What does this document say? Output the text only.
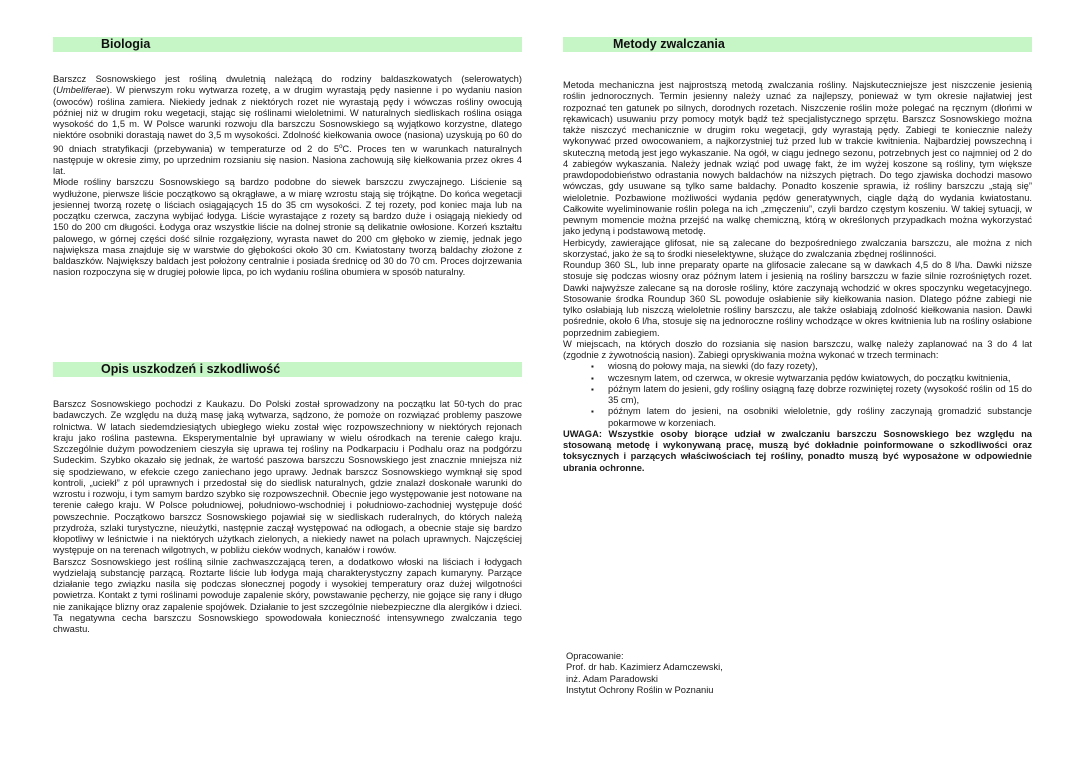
Biologia

Barszcz Sosnowskiego jest rośliną dwuletnią należącą do rodziny baldaszkowatych (selerowatych) (Umbeliferae). W pierwszym roku wytwarza rozetę, a w drugim wyrastają pędy nasienne i po wydaniu nasion (owoców) roślina zamiera. Niekiedy jednak z niektórych rozet nie wyrastają pędy i wówczas rośliny owocują później niż w drugim roku wegetacji, stając się roślinami wieloletnimi. W naturalnych siedliskach roślina osiąga wysokość do 1,5 m. W Polsce warunki rozwoju dla barszczu Sosnowskiego są wyjątkowo korzystne, dlatego niektóre osobniki dorastają nawet do 3,5 m wysokości. Zdolność kiełkowania owoce (nasiona) uzyskują po 60 do 90 dniach stratyfikacji (przebywania) w temperaturze od 2 do 5$^o$C. Proces ten w warunkach naturalnych następuje w okresie zimy, po uprzednim rozsianiu się nasion. Nasiona zachowują siłę kiełkowania przez okres 4 lat.

Młode rośliny barszczu Sosnowskiego są bardzo podobne do siewek barszczu zwyczajnego. Liścienie są wydłużone, pierwsze liście początkowo są okrągławe, a w miarę wzrostu stają się trójkątne. Do końca wegetacji jesiennej tworzą rozetę o liściach osiągających 15 do 35 cm wysokości. Z tej rozety, pod koniec maja lub na początku czerwca, zaczyna wybijać łodyga. Liście wyrastające z rozety są bardzo duże i osiągają niekiedy od 150 do 200 cm długości. Łodyga oraz wszystkie liście na dolnej stronie są delikatnie owłosione. Korzeń kształtu palowego, w górnej części dość silnie rozgałęziony, wyrasta nawet do 200 cm głęboko w ziemię, jednak jego największa masa znajduje się w warstwie do głębokości około 30 cm. Kwiatostany tworzą baldachy złożone z baldaszków. Największy baldach jest położony centralnie i posiada średnicę od 30 do 70 cm. Proces dojrzewania nasion rozpoczyna się w drugiej połowie lipca, po ich wydaniu roślina obumiera w sposób naturalny.

Opis uszkodzeń i szkodliwość

Barszcz Sosnowskiego pochodzi z Kaukazu. Do Polski został sprowadzony na początku lat 50-tych do prac badawczych. Ze względu na dużą masę jaką wytwarza, sądzono, że pomoże on rozwiązać problemy paszowe rolnictwa. W latach siedemdziesiątych ubiegłego wieku został więc rozpowszechniony w niektórych rejonach kraju jako roślina pastewna. Eksperymentalnie był uprawiany w wielu ośrodkach na terenie całego kraju. Szczególnie dużym powodzeniem cieszyła się uprawa tej rośliny na Podkarpaciu i Podhalu oraz na podgórzu Sudeckim. Szybko okazało się jednak, że wartość paszowa barszczu Sosnowskiego jest znacznie mniejsza niż się spodziewano, w efekcie czego zaniechano jego uprawy. Jednak barszcz Sosnowskiego wymknął się spod kontroli, „uciekł” z pól uprawnych i przedostał się do siedlisk naturalnych, gdzie znalazł doskonałe warunki do wzrostu i rozwoju, i tym samym bardzo szybko się rozpowszechnił. Obecnie jego występowanie jest notowane na terenie całego kraju. W Polsce południowej, południowo-wschodniej i południowo-zachodniej występuje dość powszechnie. Początkowo barszcz Sosnowskiego pojawiał się w siedliskach ruderalnych, do których należą przydroża, szlaki turystyczne, nieużytki, następnie zaczął występować na odłogach, a obecnie staje się bardzo kłopotliwy w leśnictwie i na niektórych użytkach zielonych, a niekiedy nawet na polach uprawnych. Najczęściej występuje on na terenach wilgotnych, w pobliżu cieków wodnych, kanałów i rowów.

Barszcz Sosnowskiego jest rośliną silnie zachwaszczającą teren, a dodatkowo włoski na liściach i łodygach wydzielają substancję parzącą. Roztarte liście lub łodyga mają charakterystyczny zapach kumaryny. Parzące działanie tego związku nasila się podczas słonecznej pogody i wysokiej temperatury oraz dużej wilgotności powietrza. Kontakt z tymi roślinami powoduje zapalenie skóry, powstawanie pęcherzy, nie gojące się rany i długo nie zanikające blizny oraz zapalenie spojówek. Działanie to jest szczególnie niebezpieczne dla alergików i dzieci. Ta negatywna cecha barszczu Sosnowskiego spowodowała konieczność intensywnego zwalczania tego chwastu.

Metody zwalczania

Metoda mechaniczna jest najprostszą metodą zwalczania rośliny. Najskuteczniejsze jest niszczenie jesienią roślin jednorocznych. Termin jesienny należy uznać za najlepszy, ponieważ w tym okresie najłatwiej jest rozpoznać ten gatunek po silnych, dorodnych rozetach. Niszczenie roślin może polegać na ręcznym (dłońmi w rękawicach) usuwaniu przy pomocy motyk bądź też specjalistycznego sprzętu. Barszcz Sosnowskiego można także niszczyć mechanicznie w drugim roku wegetacji, gdy wyrastają pędy. Zabiegi te koniecznie należy wykonywać przed owocowaniem, a najkorzystniej tuż przed lub w trakcie kwitnienia. Najbardziej powszechną i skuteczną metodą jest jego wykaszanie. Na ogół, w ciągu jednego sezonu, potrzebnych jest co najmniej od 2 do 4 zabiegów wykaszania. Należy jednak wziąć pod uwagę fakt, że im wyżej koszone są rośliny, tym większe prawdopodobieństwo odrastania nowych baldachów na niższych piętrach. Do tego zjawiska dochodzi masowo wówczas, gdy usuwane są tylko same baldachy. Ponadto koszenie sprawia, iż rośliny barszczu „stają się” wieloletnie. Pozbawione możliwości wydania pędów generatywnych, ciągle dążą do wydania kwiatostanu. Całkowite wyeliminowanie roślin polega na ich „zmęczeniu”, czyli bardzo częstym koszeniu. W takiej sytuacji, w pewnym momencie można przejść na walkę chemiczną, którą w określonych przypadkach można wykorzystać jako jedyną i podstawową metodę.

Herbicydy, zawierające glifosat, nie są zalecane do bezpośredniego zwalczania barszczu, ale można z nich skorzystać, jako że są to środki nieselektywne, służące do zwalczania zbędnej roślinności.

Roundup 360 SL, lub inne preparaty oparte na glifosacie zalecane są w dawkach 4,5 do 8 l/ha. Dawki niższe stosuje się podczas wiosny oraz późnym latem i jesienią na rośliny barszczu w fazie silnie rozrośniętych rozet. Dawki najwyższe zalecane są na dorosłe rośliny, które zaczynają wchodzić w okres spoczynku wegetacyjnego. Stosowanie środka Roundup 360 SL powoduje osłabienie siły kiełkowania nasion. Dlatego późne zabiegi nie tylko osłabiają lub niszczą wieloletnie rośliny barszczu, ale także osłabiają zdolność kiełkowania nasion. Dawki pośrednie, około 6 l/ha, stosuje się na jednoroczne rośliny wchodzące w okres kwitnienia lub na rośliny osłabione poprzednim zabiegiem.

W miejscach, na których doszło do rozsiania się nasion barszczu, walkę należy zaplanować na 3 do 4 lat (zgodnie z żywotnością nasion). Zabiegi opryskiwania można wykonać w trzech terminach:

▪ wiosną do połowy maja, na siewki (do fazy rozety),
▪ wczesnym latem, od czerwca, w okresie wytwarzania pędów kwiatowych, do początku kwitnienia,
▪ późnym latem do jesieni, gdy rośliny osiągną fazę dobrze rozwiniętej rozety (wysokość roślin od 15 do 35 cm),
▪ późnym latem do jesieni, na osobniki wieloletnie, gdy rośliny zaczynają gromadzić substancje pokarmowe w korzeniach.

UWAGA: Wszystkie osoby biorące udział w zwalczaniu barszczu Sosnowskiego bez względu na stosowaną metodę i wykonywaną pracę, muszą być dokładnie poinformowane o szkodliwości oraz toksycznych i parzących właściwościach tej rośliny, ponadto muszą być wyposażone w odpowiednie ubrania ochronne.

Opracowanie:
Prof. dr hab. Kazimierz Adamczewski,
inż. Adam Paradowski
Instytut Ochrony Roślin w Poznaniu
